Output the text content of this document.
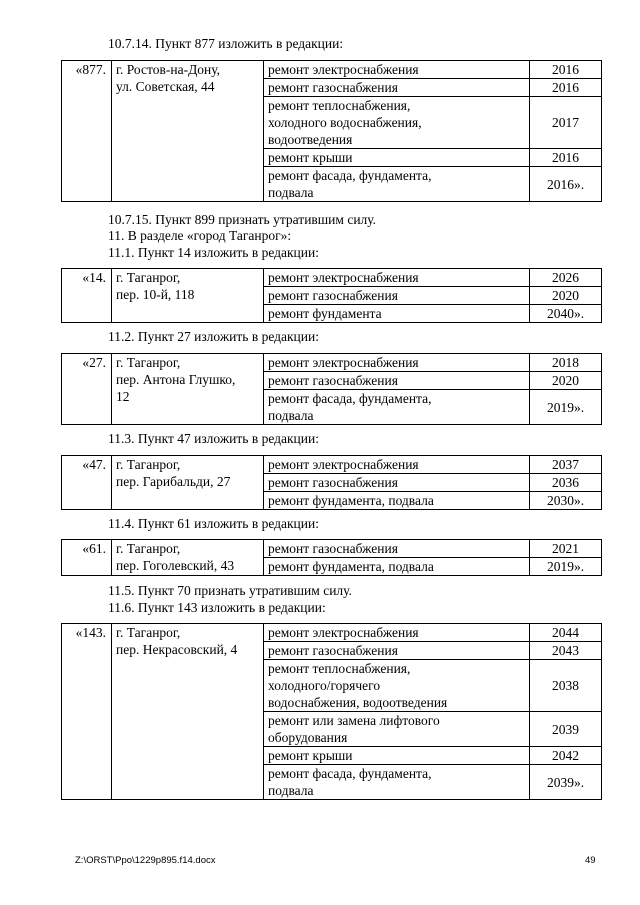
10.7.14. Пункт 877 изложить в редакции:
«877.	г. Ростов-на-Дону,
ул. Советская, 44	ремонт электроснабжения	2016

		ремонт газоснабжения	2016

		ремонт теплоснабжения,
холодного водоснабжения,
водоотведения	2017

		ремонт крыши	2016

		ремонт фасада, фундамента,
подвала	2016».
10.7.15. Пункт 899 признать утратившим силу.
11. В разделе «город Таганрог»:
11.1. Пункт 14 изложить в редакции:
«14.	г. Таганрог,
пер. 10-й, 118	ремонт электроснабжения	2026

		ремонт газоснабжения	2020

		ремонт фундамента	2040».
11.2. Пункт 27 изложить в редакции:
«27.	г. Таганрог,
пер. Антона Глушко,
12	ремонт электроснабжения	2018

		ремонт газоснабжения	2020

		ремонт фасада, фундамента,
подвала	2019».
11.3. Пункт 47 изложить в редакции:
«47.	г. Таганрог,
пер. Гарибальди, 27	ремонт электроснабжения	2037

		ремонт газоснабжения	2036

		ремонт фундамента, подвала	2030».
11.4. Пункт 61 изложить в редакции:
«61.	г. Таганрог,
пер. Гоголевский, 43	ремонт газоснабжения	2021

		ремонт фундамента, подвала	2019».
11.5. Пункт 70 признать утратившим силу.
11.6. Пункт 143 изложить в редакции:
«143.	г. Таганрог,
пер. Некрасовский, 4	ремонт электроснабжения	2044

		ремонт газоснабжения	2043

		ремонт теплоснабжения,
холодного/горячего
водоснабжения, водоотведения	2038

		ремонт или замена лифтового
оборудования	2039

		ремонт крыши	2042

		ремонт фасада, фундамента,
подвала	2039».
Z:\ORST\Ppo\1229p895.f14.docx	49
